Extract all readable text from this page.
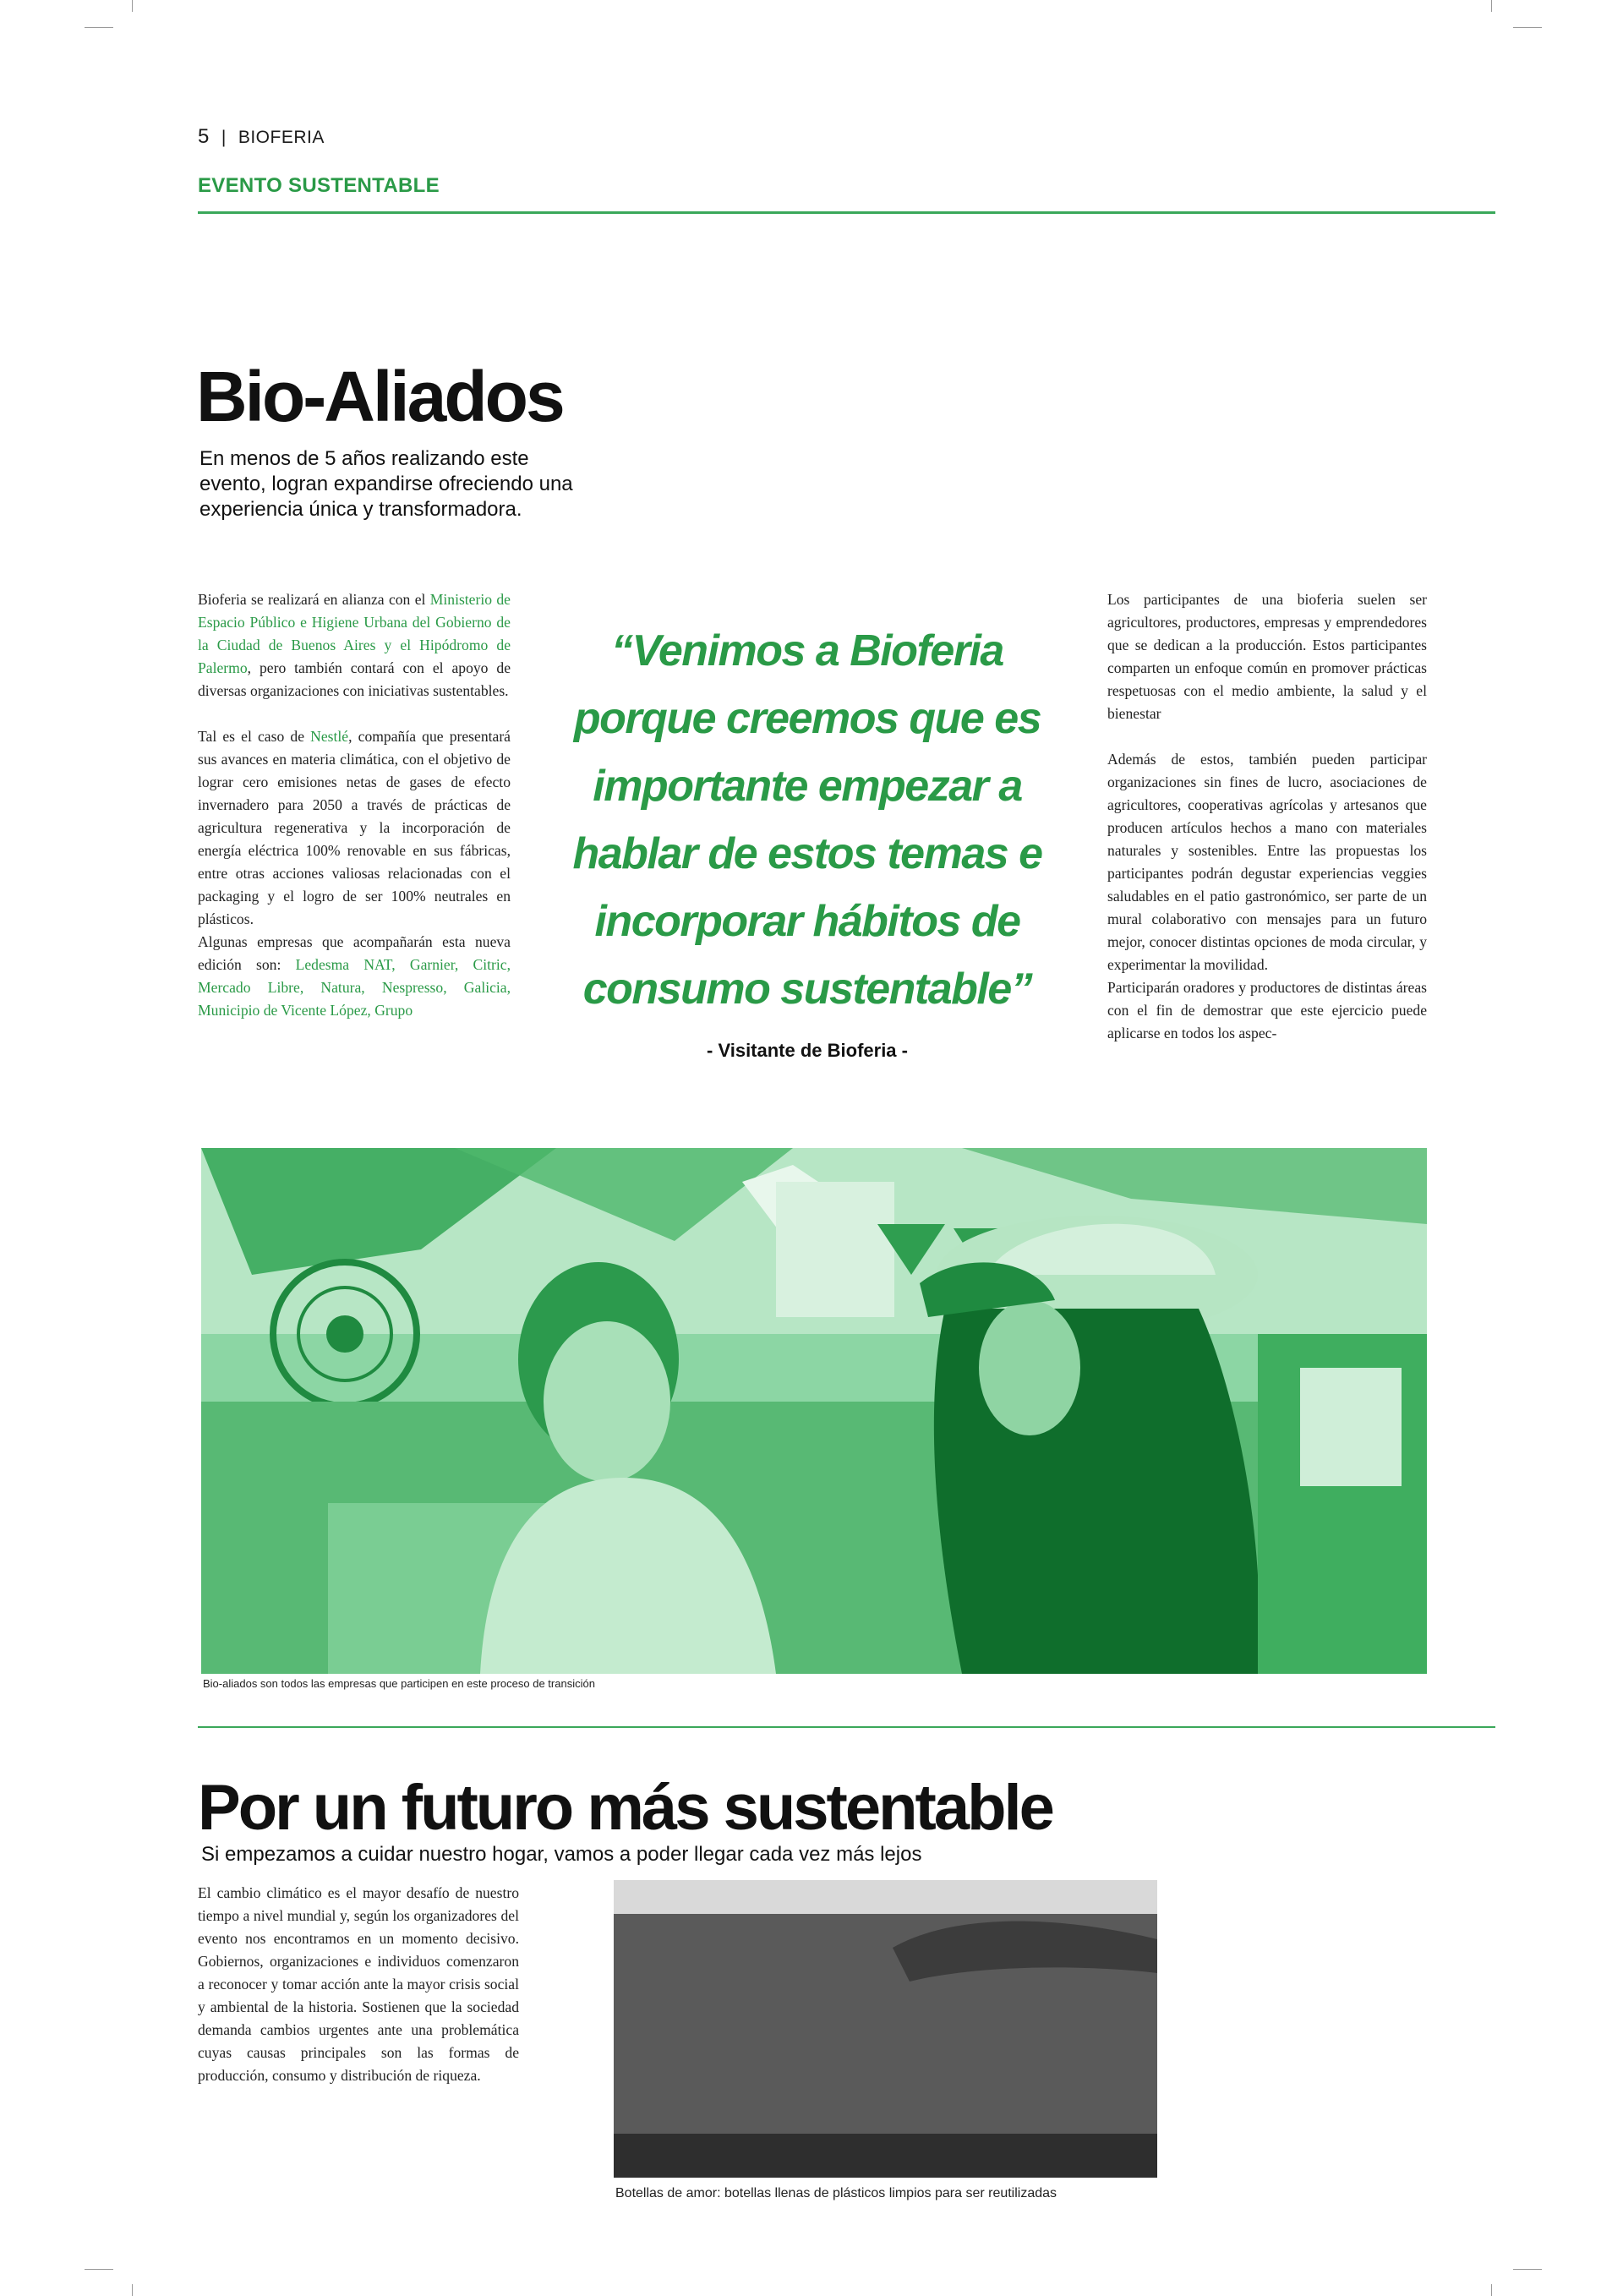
5 | BIOFERIA
EVENTO SUSTENTABLE
Bio-Aliados

En menos de 5 años realizando este evento, logran expandirse ofreciendo una experiencia única y transformadora.

Bioferia se realizará en alianza con el Ministerio de Espacio Público e Higiene Urbana del Gobierno de la Ciudad de Buenos Aires y el Hipódromo de Palermo, pero también contará con el apoyo de diversas organizaciones con iniciativas sustentables.

Tal es el caso de Nestlé, compañía que presentará sus avances en materia climática, con el objetivo de lograr cero emisiones netas de gases de efecto invernadero para 2050 a través de prácticas de agricultura regenerativa y la incorporación de energía eléctrica 100% renovable en sus fábricas, entre otras acciones valiosas relacionadas con el packaging y el logro de ser 100% neutrales en plásticos.

Algunas empresas que acompañarán esta nueva edición son: Ledesma NAT, Garnier, Citric, Mercado Libre, Natura, Nespresso, Galicia, Municipio de Vicente López, Grupo

“Venimos a Bioferia porque creemos que es importante empezar a hablar de estos temas e incorporar hábitos de consumo sustentable”
- Visitante de Bioferia -

Los participantes de una bioferia suelen ser agricultores, productores, empresas y emprendedores que se dedican a la producción. Estos participantes comparten un enfoque común en promover prácticas respetuosas con el medio ambiente, la salud y el bienestar

Además de estos, también pueden participar organizaciones sin fines de lucro, asociaciones de agricultores, cooperativas agrícolas y artesanos que producen artículos hechos a mano con materiales naturales y sostenibles. Entre las propuestas los participantes podrán degustar experiencias veggies saludables en el patio gastronómico, ser parte de un mural colaborativo con mensajes para un futuro mejor, conocer distintas opciones de moda circular, y experimentar la movilidad.

Participarán oradores y productores de distintas áreas con el fin de demostrar que este ejercicio puede aplicarse en todos los aspec-

Bio-aliados son todos las empresas que participen en este proceso de transición
Por un futuro más sustentable

Si empezamos a cuidar nuestro hogar, vamos a poder llegar cada vez más lejos

El cambio climático es el mayor desafío de nuestro tiempo a nivel mundial y, según los organizadores del evento nos encontramos en un momento decisivo. Gobiernos, organizaciones e individuos comenzaron a reconocer y tomar acción ante la mayor crisis social y ambiental de la historia. Sostienen que la sociedad demanda cambios urgentes ante una problemática cuyas causas principales son las formas de producción, consumo y distribución de riqueza.
Botellas de amor: botellas llenas de plásticos limpios para ser reutilizadas
